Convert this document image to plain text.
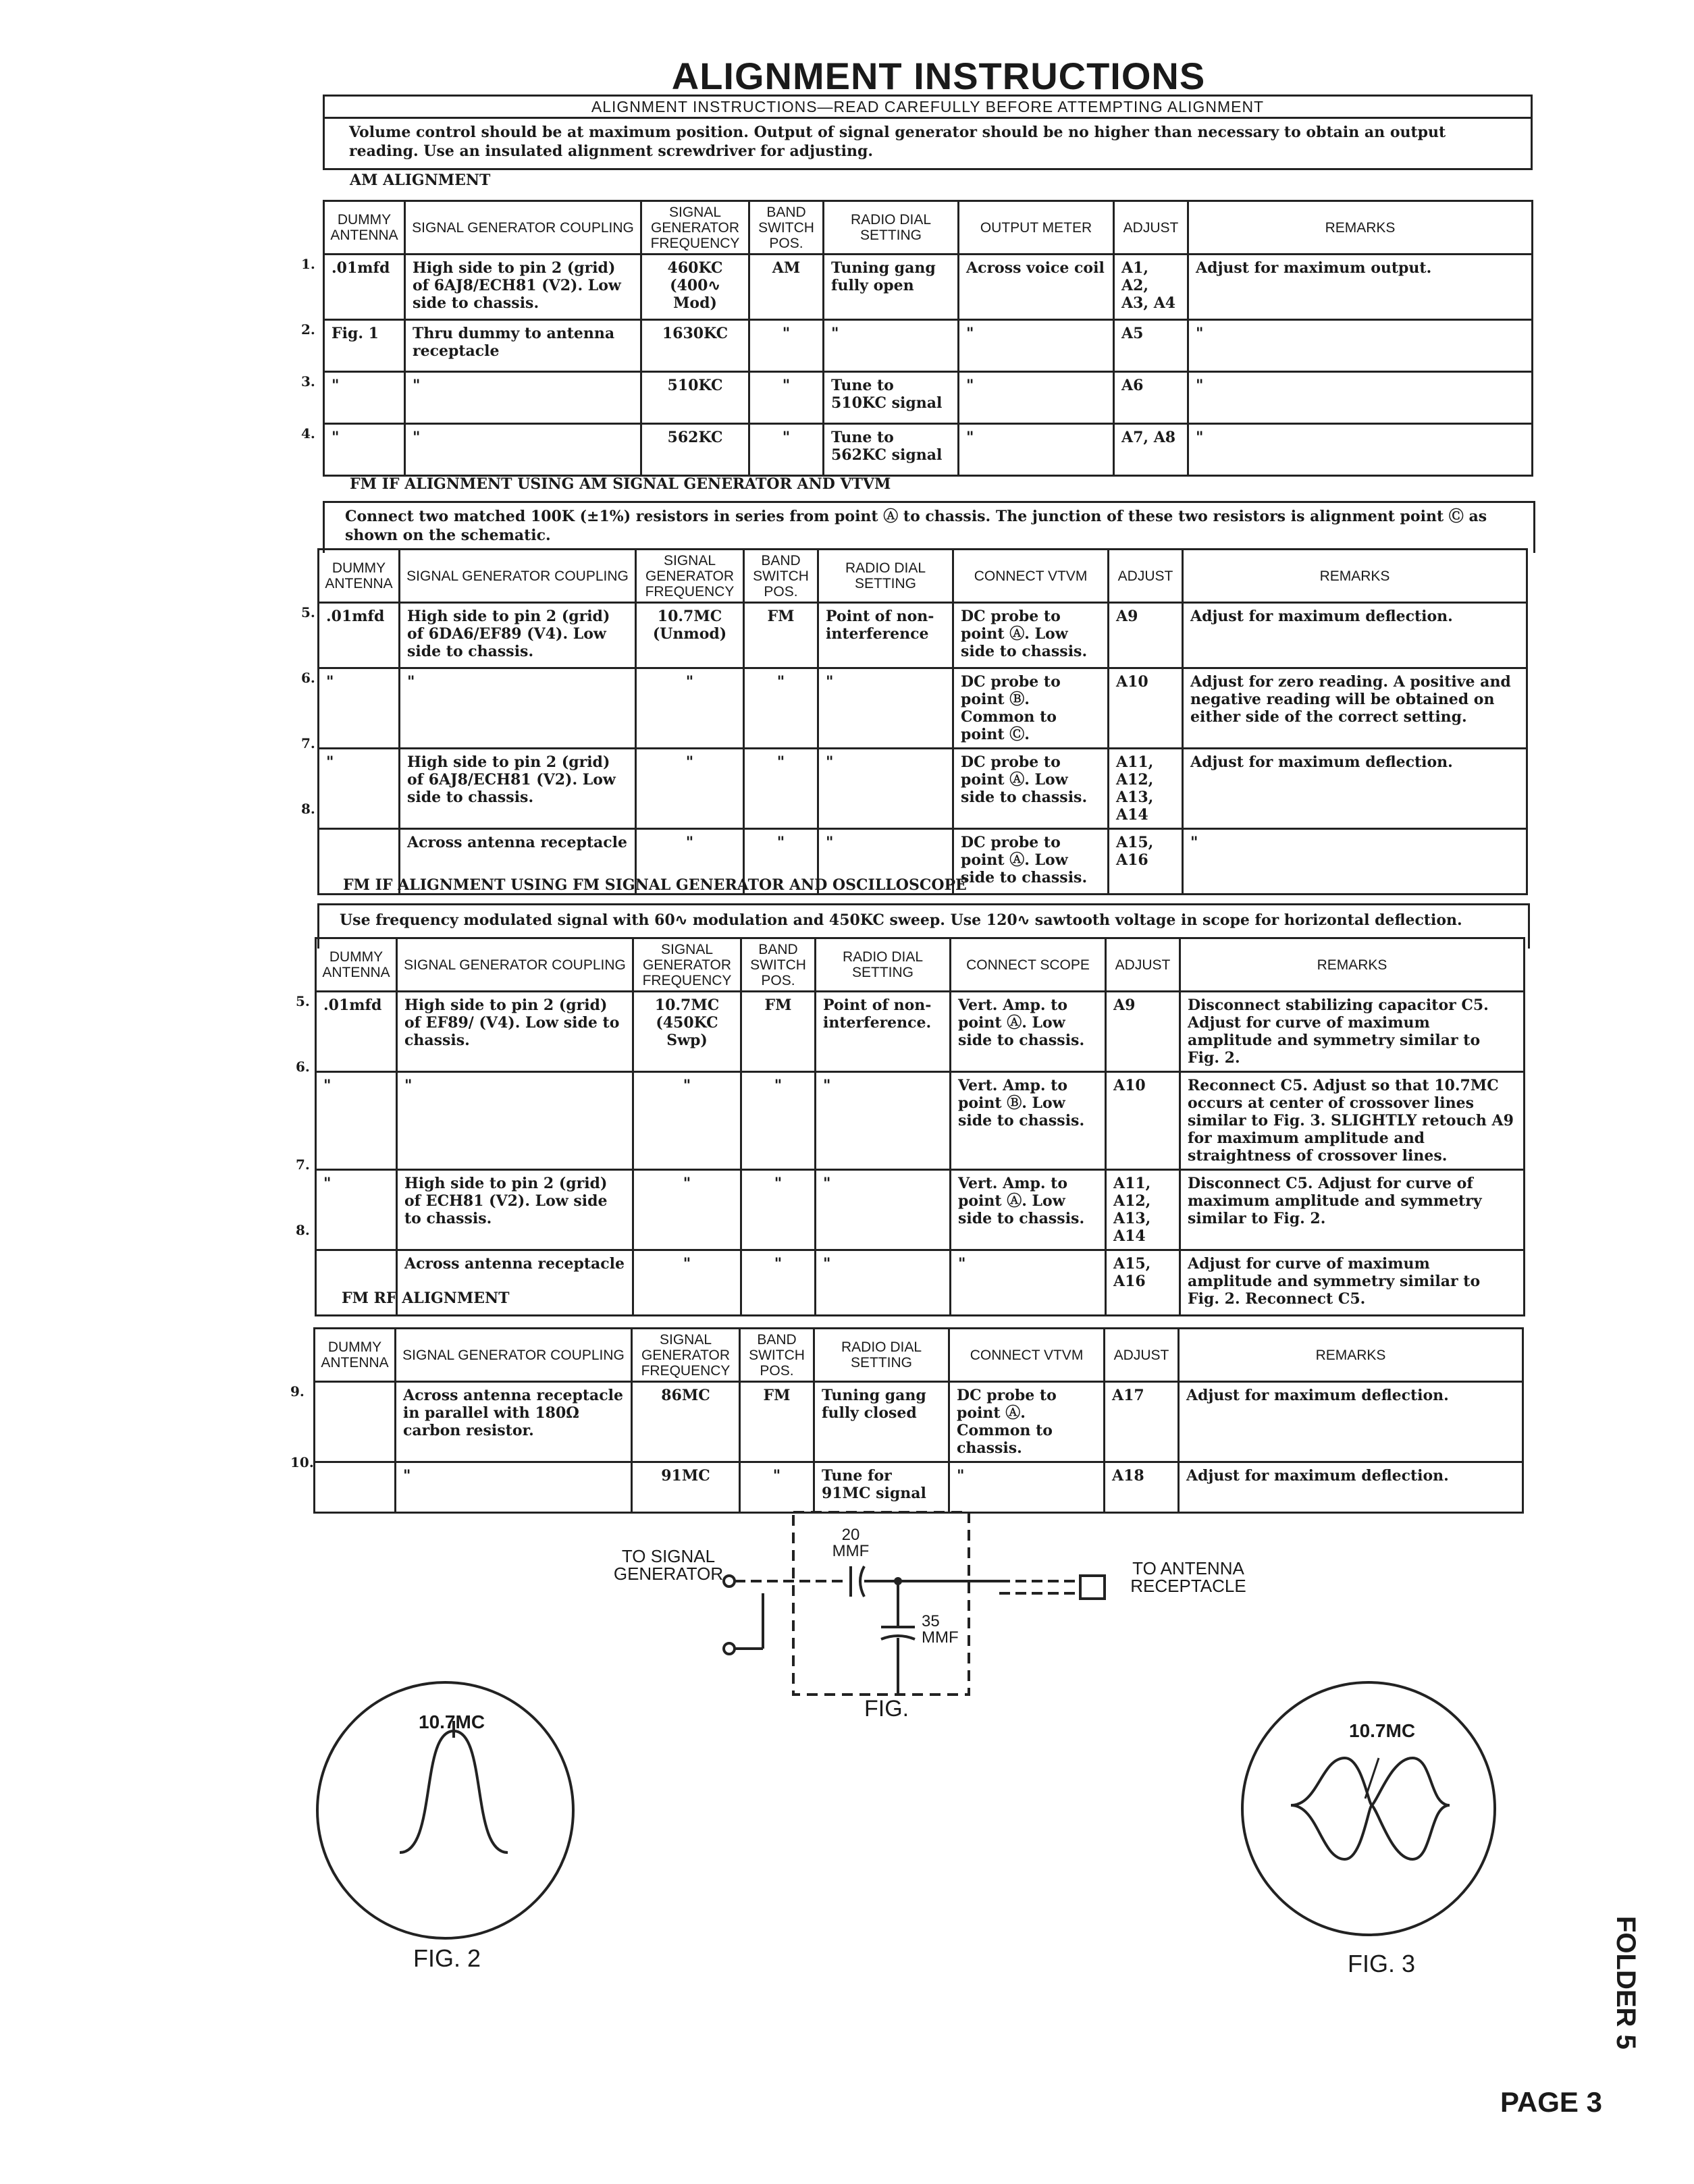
ALIGNMENT INSTRUCTIONS
ALIGNMENT INSTRUCTIONS—READ CAREFULLY BEFORE ATTEMPTING ALIGNMENT
Volume control should be at maximum position. Output of signal generator should be no higher than necessary to obtain an output reading. Use an insulated alignment screwdriver for adjusting.
AM ALIGNMENT
DUMMY ANTENNA	SIGNAL GENERATOR COUPLING	SIGNAL GENERATOR FREQUENCY	BAND SWITCH POS.	RADIO DIAL SETTING	OUTPUT METER	ADJUST	REMARKS
.01mfd	High side to pin 2 (grid) of 6AJ8/ECH81 (V2). Low side to chassis.	460KC (400∿ Mod)	AM	Tuning gang fully open	Across voice coil	A1, A2, A3, A4	Adjust for maximum output.
Fig. 1	Thru dummy to antenna receptacle	1630KC	"	"	"	A5	"
"	"	510KC	"	Tune to 510KC signal	"	A6	"
"	"	562KC	"	Tune to 562KC signal	"	A7, A8	"
FM IF ALIGNMENT USING AM SIGNAL GENERATOR AND VTVM
Connect two matched 100K (±1%) resistors in series from point Ⓐ to chassis. The junction of these two resistors is alignment point Ⓒ as shown on the schematic.
DUMMY ANTENNA	SIGNAL GENERATOR COUPLING	SIGNAL GENERATOR FREQUENCY	BAND SWITCH POS.	RADIO DIAL SETTING	CONNECT VTVM	ADJUST	REMARKS
.01mfd	High side to pin 2 (grid) of 6DA6/EF89 (V4). Low side to chassis.	10.7MC (Unmod)	FM	Point of non-interference	DC probe to point Ⓐ. Low side to chassis.	A9	Adjust for maximum deflection.
"	"	"	"	"	DC probe to point Ⓑ. Common to point Ⓒ.	A10	Adjust for zero reading. A positive and negative reading will be obtained on either side of the correct setting.
"	High side to pin 2 (grid) of 6AJ8/ECH81 (V2). Low side to chassis.	"	"	"	DC probe to point Ⓐ. Low side to chassis.	A11, A12, A13, A14	Adjust for maximum deflection.
	Across antenna receptacle	"	"	"	DC probe to point Ⓐ. Low side to chassis.	A15, A16	"
FM IF ALIGNMENT USING FM SIGNAL GENERATOR AND OSCILLOSCOPE
Use frequency modulated signal with 60∿ modulation and 450KC sweep. Use 120∿ sawtooth voltage in scope for horizontal deflection.
DUMMY ANTENNA	SIGNAL GENERATOR COUPLING	SIGNAL GENERATOR FREQUENCY	BAND SWITCH POS.	RADIO DIAL SETTING	CONNECT SCOPE	ADJUST	REMARKS
.01mfd	High side to pin 2 (grid) of EF89/ (V4). Low side to chassis.	10.7MC (450KC Swp)	FM	Point of non-interference.	Vert. Amp. to point Ⓐ. Low side to chassis.	A9	Disconnect stabilizing capacitor C5. Adjust for curve of maximum amplitude and symmetry similar to Fig. 2.
"	"	"	"	"	Vert. Amp. to point Ⓑ. Low side to chassis.	A10	Reconnect C5. Adjust so that 10.7MC occurs at center of crossover lines similar to Fig. 3. SLIGHTLY retouch A9 for maximum amplitude and straightness of crossover lines.
"	High side to pin 2 (grid) of ECH81 (V2). Low side to chassis.	"	"	"	Vert. Amp. to point Ⓐ. Low side to chassis.	A11, A12, A13, A14	Disconnect C5. Adjust for curve of maximum amplitude and symmetry similar to Fig. 2.
	Across antenna receptacle	"	"	"	"	A15, A16	Adjust for curve of maximum amplitude and symmetry similar to Fig. 2. Reconnect C5.
FM RF ALIGNMENT
DUMMY ANTENNA	SIGNAL GENERATOR COUPLING	SIGNAL GENERATOR FREQUENCY	BAND SWITCH POS.	RADIO DIAL SETTING	CONNECT VTVM	ADJUST	REMARKS
	Across antenna receptacle in parallel with 180Ω carbon resistor.	86MC	FM	Tuning gang fully closed	DC probe to point Ⓐ. Common to chassis.	A17	Adjust for maximum deflection.
	"	91MC	"	Tune for 91MC signal	"	A18	Adjust for maximum deflection.
TO SIGNAL GENERATOR	TO ANTENNA RECEPTACLE
20 MMF
35 MMF
FIG.
10.7MC
FIG. 2
10.7MC
FIG. 3	FOLDER 5
PAGE 3
1.
2.
3.
4.
5.
6.
7.
8.
5.
6.
7.
8.
9.
10.
